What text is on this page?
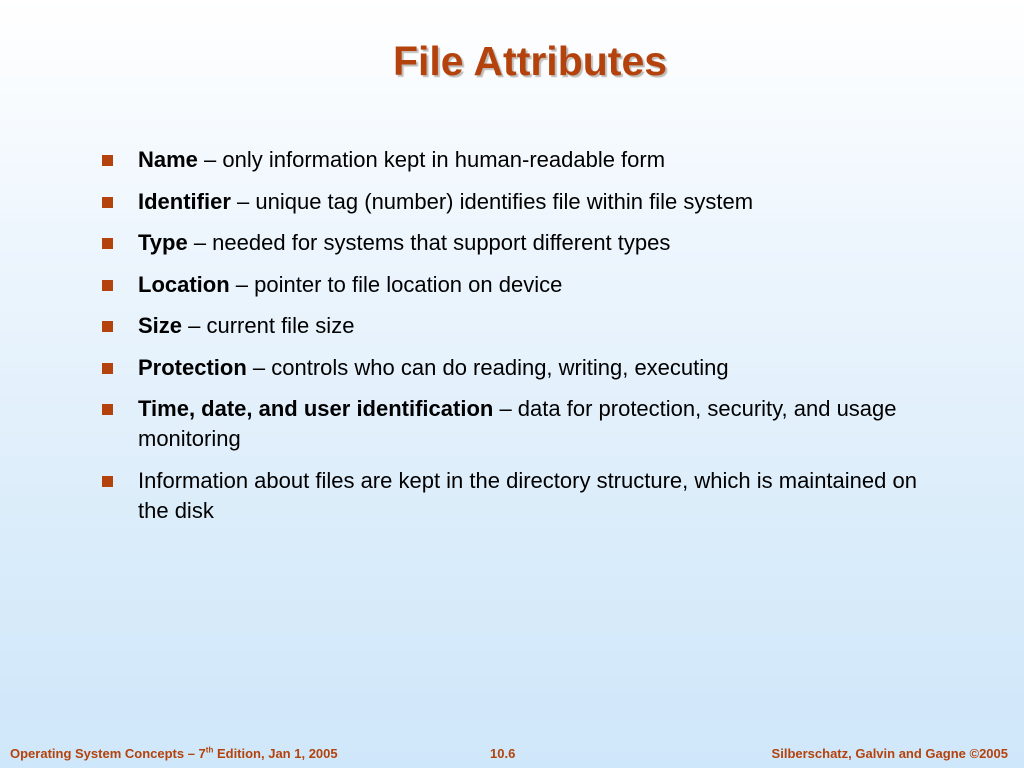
File Attributes
Name – only information kept in human-readable form
Identifier – unique tag (number) identifies file within file system
Type – needed for systems that support different types
Location – pointer to file location on device
Size – current file size
Protection – controls who can do reading, writing, executing
Time, date, and user identification – data for protection, security, and usage monitoring
Information about files are kept in the directory structure, which is maintained on the disk
Operating System Concepts – 7th Edition, Jan 1, 2005	10.6	Silberschatz, Galvin and Gagne ©2005
